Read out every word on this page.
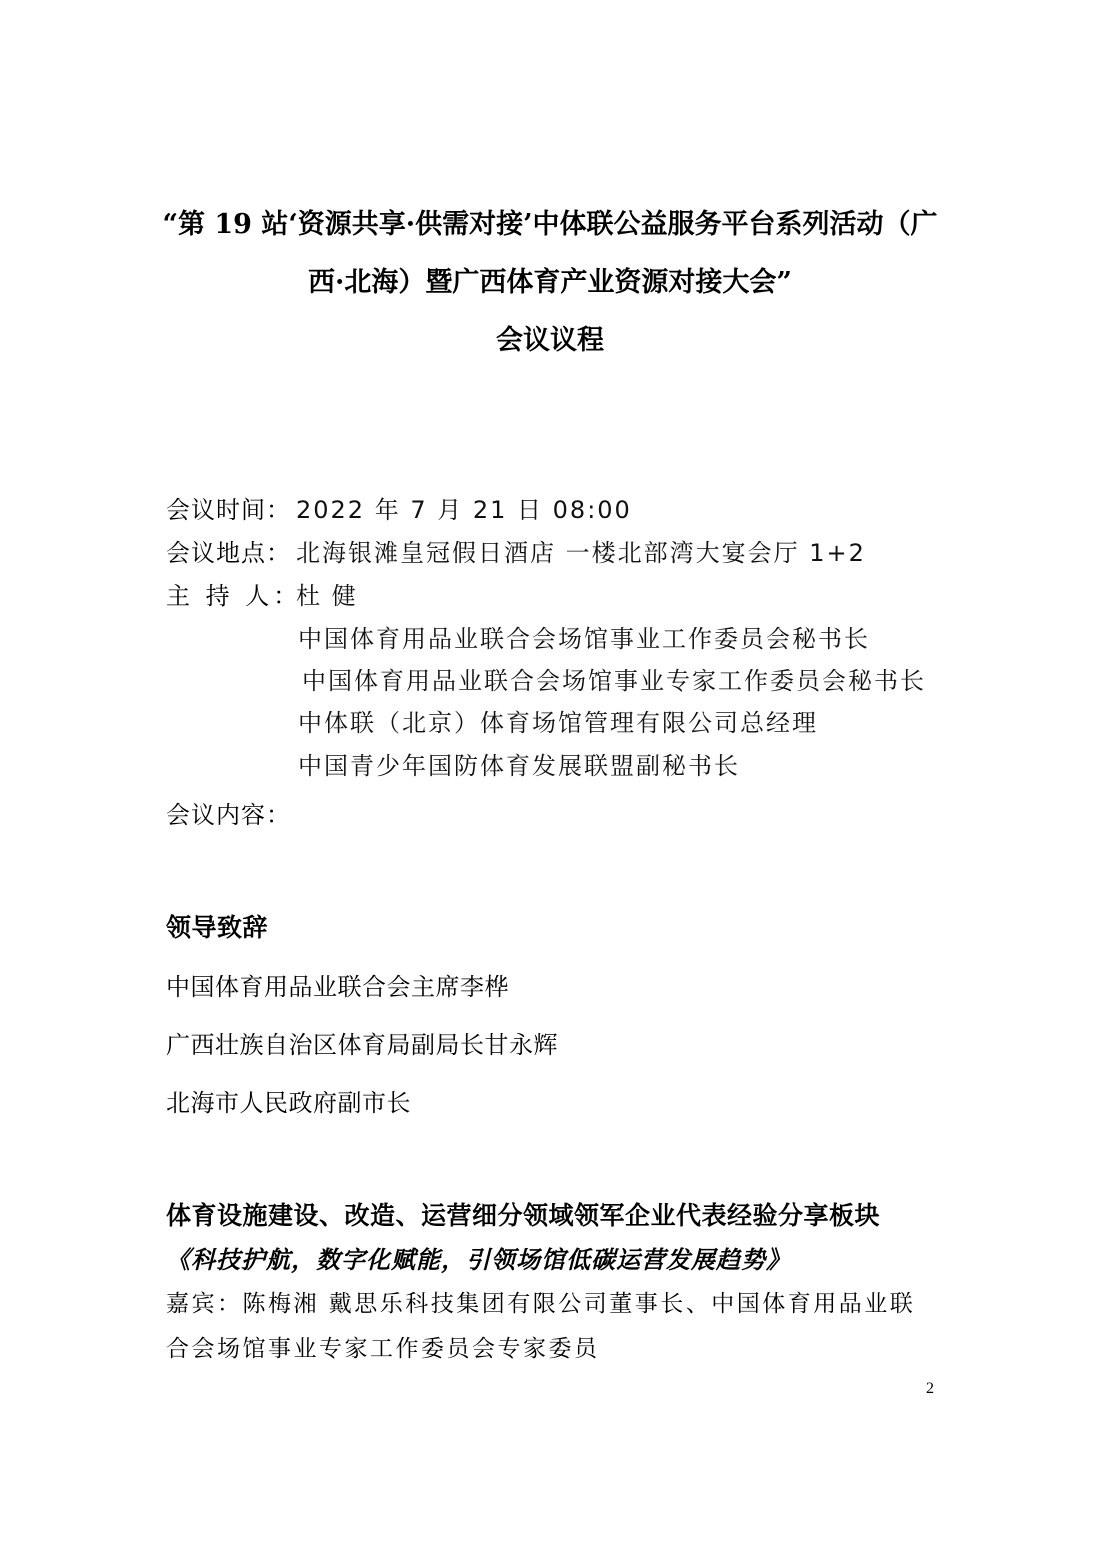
“第 19 站‘资源共享·供需对接’中体联公益服务平台系列活动（广
西·北海）暨广西体育产业资源对接大会”
会议议程
会议时间： 2022 年 7 月 21 日 08:00
会议地点： 北海银滩皇冠假日酒店 一楼北部湾大宴会厅 1+2
主 持 人：
杜 健
中国体育用品业联合会场馆事业工作委员会秘书长
中国体育用品业联合会场馆事业专家工作委员会秘书长
中体联（北京）体育场馆管理有限公司总经理
中国青少年国防体育发展联盟副秘书长
会议内容：
领导致辞
中国体育用品业联合会主席李桦
广西壮族自治区体育局副局长甘永辉
北海市人民政府副市长
体育设施建设、改造、运营细分领域领军企业代表经验分享板块
《科技护航，数字化赋能，引领场馆低碳运营发展趋势》
嘉宾：陈梅湘 戴思乐科技集团有限公司董事长、中国体育用品业联
合会场馆事业专家工作委员会专家委员
2
